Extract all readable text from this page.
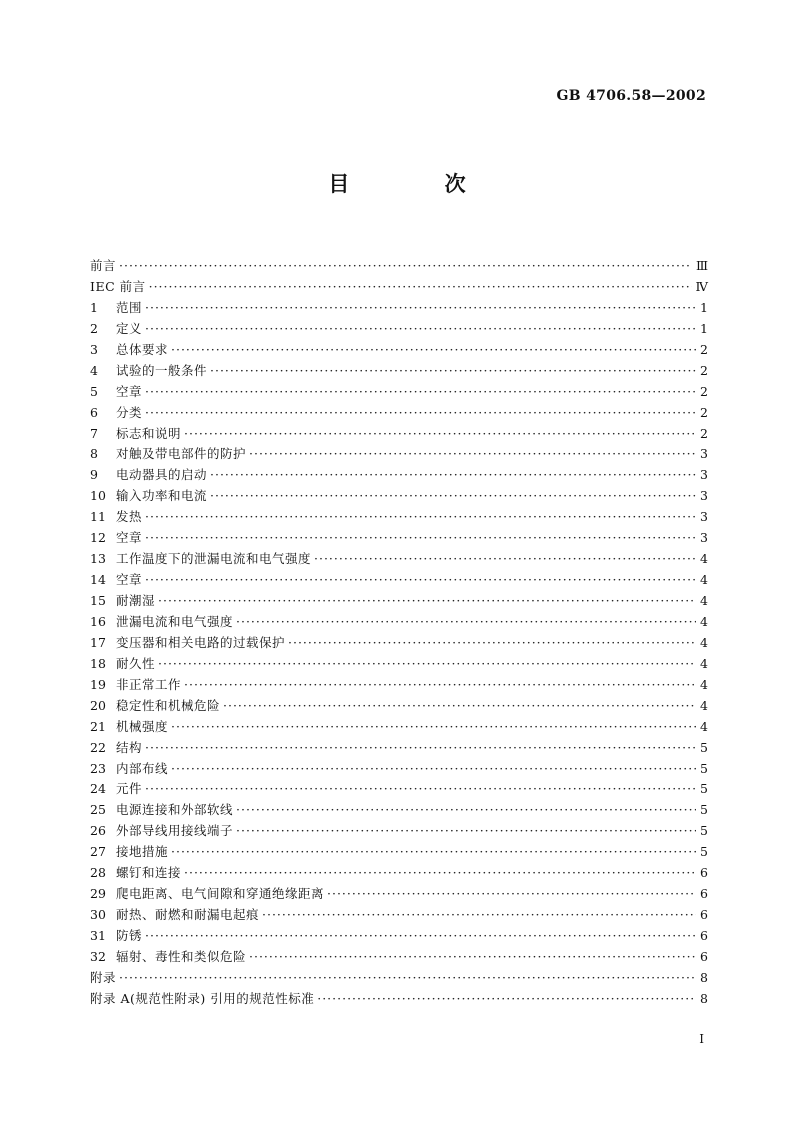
GB 4706.58—2002
目 次
前言 ·····	Ⅲ
IEC 前言 ·····	Ⅳ
1	范围 ·····	1
2	定义 ·····	1
3	总体要求 ·····	2
4	试验的一般条件 ·····	2
5	空章 ·····	2
6	分类 ·····	2
7	标志和说明 ·····	2
8	对触及带电部件的防护 ·····	3
9	电动器具的启动 ·····	3
10 输入功率和电流 ·····	3
11 发热 ·····	3
12 空章 ·····	3
13 工作温度下的泄漏电流和电气强度 ·····	4
14 空章 ·····	4
15 耐潮湿 ·····	4
16 泄漏电流和电气强度 ·····	4
17 变压器和相关电路的过载保护 ·····	4
18 耐久性 ·····	4
19 非正常工作 ·····	4
20 稳定性和机械危险 ·····	4
21 机械强度 ·····	4
22 结构 ·····	5
23 内部布线 ·····	5
24 元件 ·····	5
25 电源连接和外部软线 ·····	5
26 外部导线用接线端子 ·····	5
27 接地措施 ·····	5
28 螺钉和连接 ·····	6
29 爬电距离、电气间隙和穿通绝缘距离 ·····	6
30 耐热、耐燃和耐漏电起痕 ·····	6
31 防锈 ·····	6
32 辐射、毒性和类似危险 ·····	6
附录 ·····	8
附录 A(规范性附录) 引用的规范性标准 ·····	8
I
